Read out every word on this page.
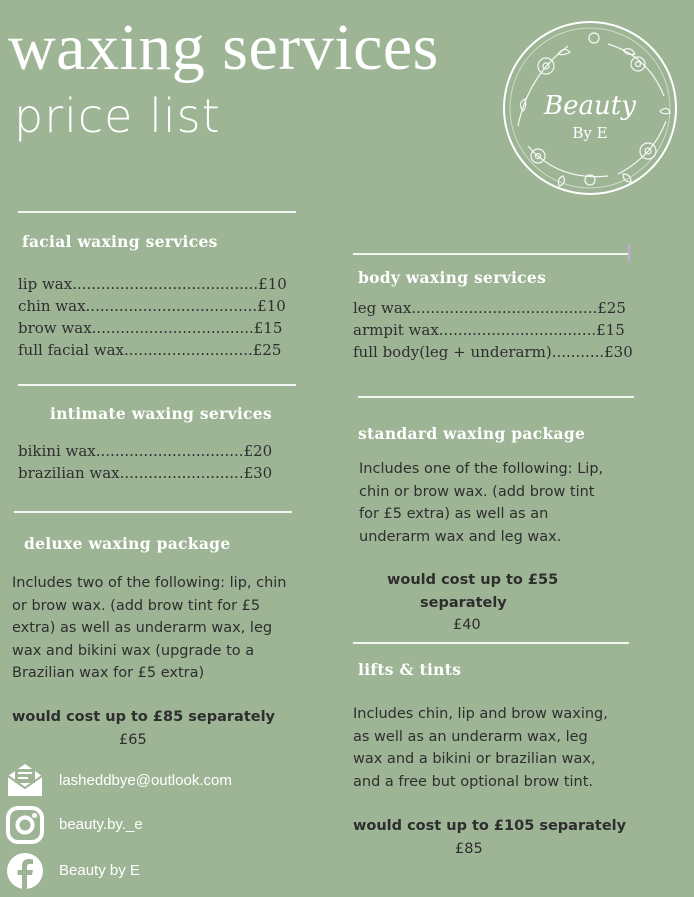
waxing services
price list	Beauty
By E
facial waxing services
lip wax.......................................£10
chin wax....................................£10
brow wax..................................£15
full facial wax...........................£25
intimate waxing services
bikini wax...............................£20
brazilian wax..........................£30
deluxe waxing package
Includes two of the following: lip, chin or brow wax. (add brow tint for £5 extra) as well as underarm wax, leg wax and bikini wax (upgrade to a Brazilian wax for £5 extra)
would cost up to £85 separately
£65
lasheddbye@outlook.com
beauty.by._e
Beauty by E
body waxing services
leg wax.......................................£25
armpit wax.................................£15
full body(leg + underarm)...........£30
standard waxing package
Includes one of the following: Lip, chin or brow wax. (add brow tint for £5 extra) as well as an underarm wax and leg wax.
would cost up to £55
separately
£40
lifts & tints
Includes chin, lip and brow waxing, as well as an underarm wax, leg wax and a bikini or brazilian wax, and a free but optional brow tint.
would cost up to £105 separately
£85
